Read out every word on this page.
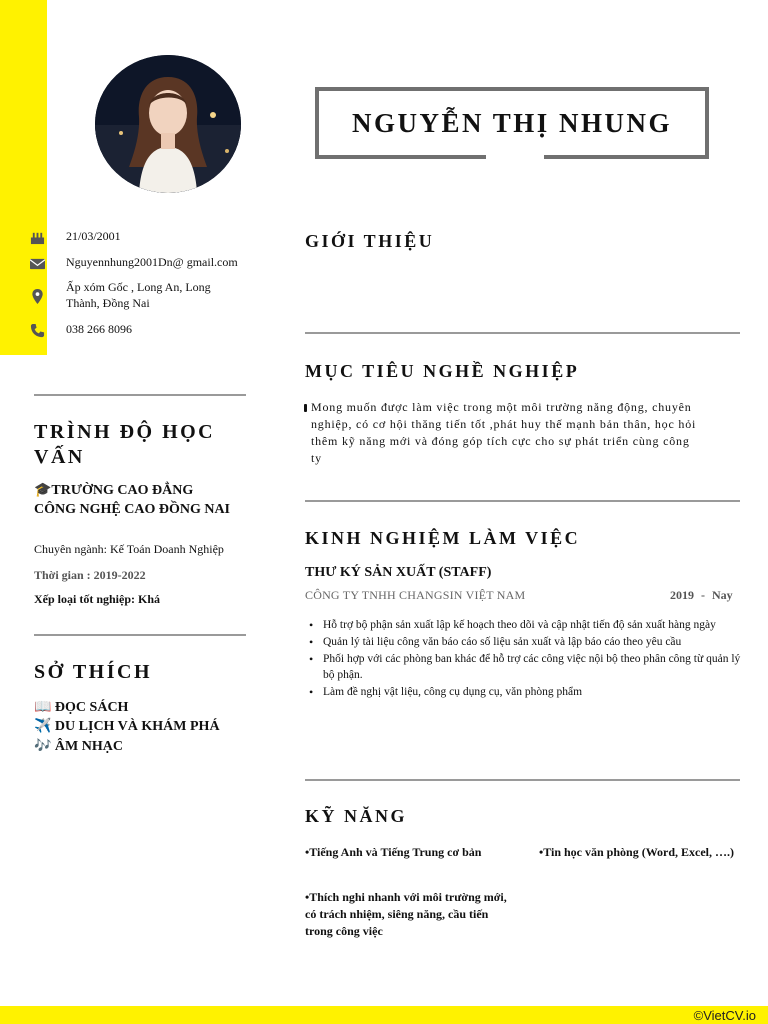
NGUYỄN THỊ NHUNG
21/03/2001
Nguyennhung2001Dn@ gmail.com
Ấp xóm Gốc , Long An, Long Thành, Đồng Nai
038 266 8096
TRÌNH ĐỘ HỌC VẤN
🎓TRƯỜNG CAO ĐẲNG CÔNG NGHỆ CAO ĐỒNG NAI
Chuyên ngành: Kế Toán Doanh Nghiệp
Thời gian : 2019-2022
Xếp loại tốt nghiệp: Khá
SỞ THÍCH
📖 ĐỌC SÁCH
✈️ DU LỊCH VÀ KHÁM PHÁ
🎶 ÂM NHẠC
GIỚI THIỆU
MỤC TIÊU NGHỀ NGHIỆP
Mong muốn được làm việc trong một môi trường năng động, chuyên nghiệp, có cơ hội thăng tiến tốt ,phát huy thế mạnh bản thân, học hỏi thêm kỹ năng mới và đóng góp tích cực cho sự phát triển cùng công ty
KINH NGHIỆM LÀM VIỆC
THƯ KÝ SẢN XUẤT (STAFF)
CÔNG TY TNHH CHANGSIN VIỆT NAM	2019 - Nay
• Hỗ trợ bộ phận sản xuất lập kế hoạch theo dõi và cập nhật tiến độ sản xuất hàng ngày
• Quản lý tài liệu công văn báo cáo số liệu sản xuất và lập báo cáo theo yêu cầu
• Phối hợp với các phòng ban khác để hỗ trợ các công việc nội bộ theo phân công từ quản lý bộ phận.
• Làm đề nghị vật liệu, công cụ dụng cụ, văn phòng phẩm
KỸ NĂNG
•Tiếng Anh và Tiếng Trung cơ bản	•Tin học văn phòng (Word, Excel, ….)
•Thích nghi nhanh với môi trường mới, có trách nhiệm, siêng năng, cầu tiến trong công việc
©VietCV.io
